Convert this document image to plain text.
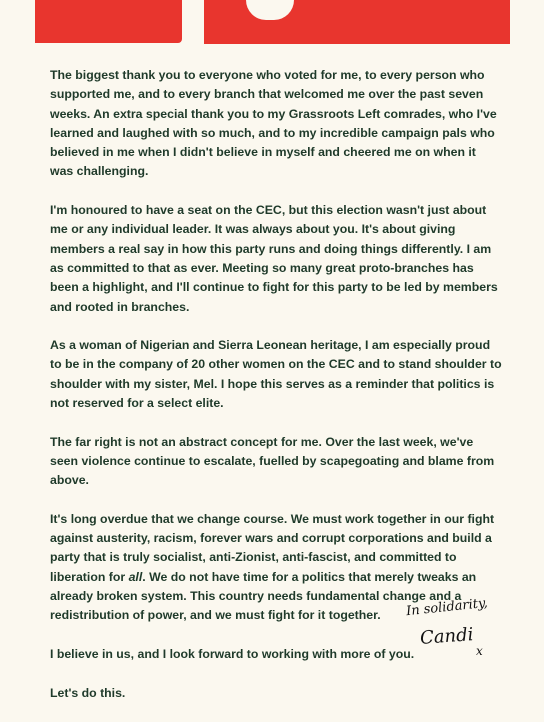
The biggest thank you to everyone who voted for me, to every person who supported me, and to every branch that welcomed me over the past seven weeks. An extra special thank you to my Grassroots Left comrades, who I've learned and laughed with so much, and to my incredible campaign pals who believed in me when I didn't believe in myself and cheered me on when it was challenging.

I'm honoured to have a seat on the CEC, but this election wasn't just about me or any individual leader. It was always about you. It's about giving members a real say in how this party runs and doing things differently. I am as committed to that as ever. Meeting so many great proto-branches has been a highlight, and I'll continue to fight for this party to be led by members and rooted in branches.

As a woman of Nigerian and Sierra Leonean heritage, I am especially proud to be in the company of 20 other women on the CEC and to stand shoulder to shoulder with my sister, Mel. I hope this serves as a reminder that politics is not reserved for a select elite.

The far right is not an abstract concept for me. Over the last week, we've seen violence continue to escalate, fuelled by scapegoating and blame from above.

It's long overdue that we change course. We must work together in our fight against austerity, racism, forever wars and corrupt corporations and build a party that is truly socialist, anti-Zionist, anti-fascist, and committed to liberation for all. We do not have time for a politics that merely tweaks an already broken system. This country needs fundamental change and a redistribution of power, and we must fight for it together.

I believe in us, and I look forward to working with more of you.

Let's do this.

In solidarity,
Candi
x
